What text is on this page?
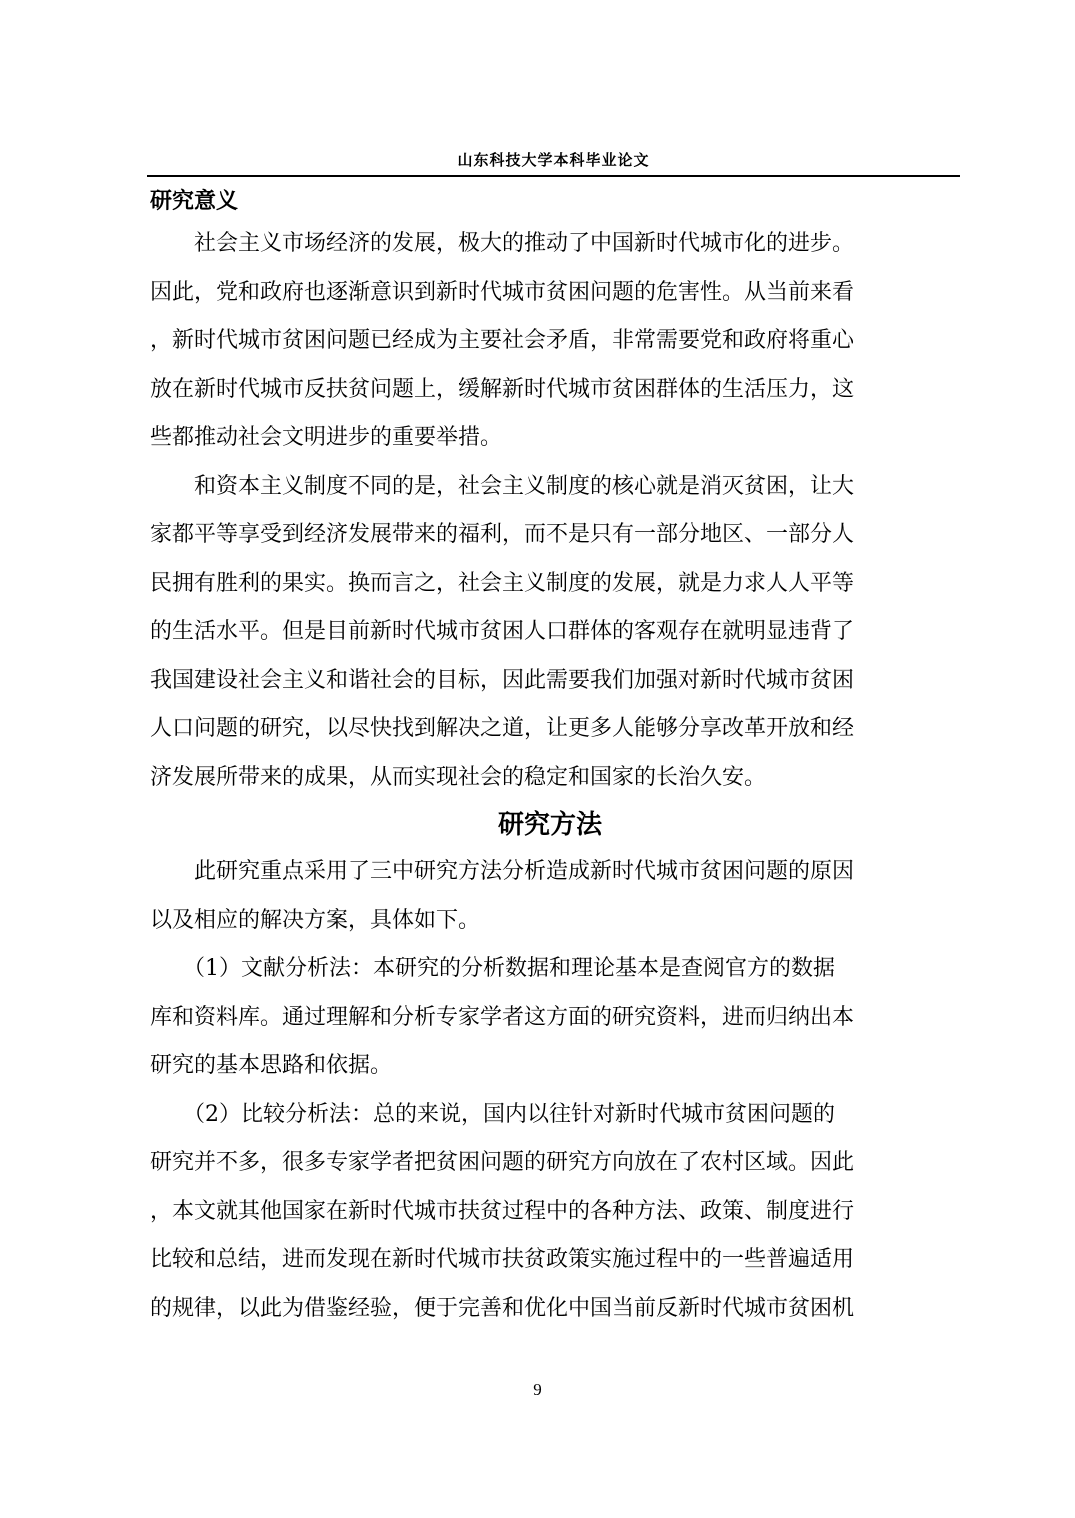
山东科技大学本科毕业论文
研究意义

　　社会主义市场经济的发展，极大的推动了中国新时代城市化的进步。

因此，党和政府也逐渐意识到新时代城市贫困问题的危害性。从当前来看

，新时代城市贫困问题已经成为主要社会矛盾，非常需要党和政府将重心

放在新时代城市反扶贫问题上，缓解新时代城市贫困群体的生活压力，这

些都推动社会文明进步的重要举措。

　　和资本主义制度不同的是，社会主义制度的核心就是消灭贫困，让大

家都平等享受到经济发展带来的福利，而不是只有一部分地区、一部分人

民拥有胜利的果实。换而言之，社会主义制度的发展，就是力求人人平等

的生活水平。但是目前新时代城市贫困人口群体的客观存在就明显违背了

我国建设社会主义和谐社会的目标，因此需要我们加强对新时代城市贫困

人口问题的研究，以尽快找到解决之道，让更多人能够分享改革开放和经

济发展所带来的成果，从而实现社会的稳定和国家的长治久安。

研究方法

　　此研究重点采用了三中研究方法分析造成新时代城市贫困问题的原因

以及相应的解决方案，具体如下。

　　（1）文献分析法：本研究的分析数据和理论基本是查阅官方的数据

库和资料库。通过理解和分析专家学者这方面的研究资料，进而归纳出本

研究的基本思路和依据。

　　（2）比较分析法：总的来说，国内以往针对新时代城市贫困问题的

研究并不多，很多专家学者把贫困问题的研究方向放在了农村区域。因此

，本文就其他国家在新时代城市扶贫过程中的各种方法、政策、制度进行

比较和总结，进而发现在新时代城市扶贫政策实施过程中的一些普遍适用

的规律，以此为借鉴经验，便于完善和优化中国当前反新时代城市贫困机

9
